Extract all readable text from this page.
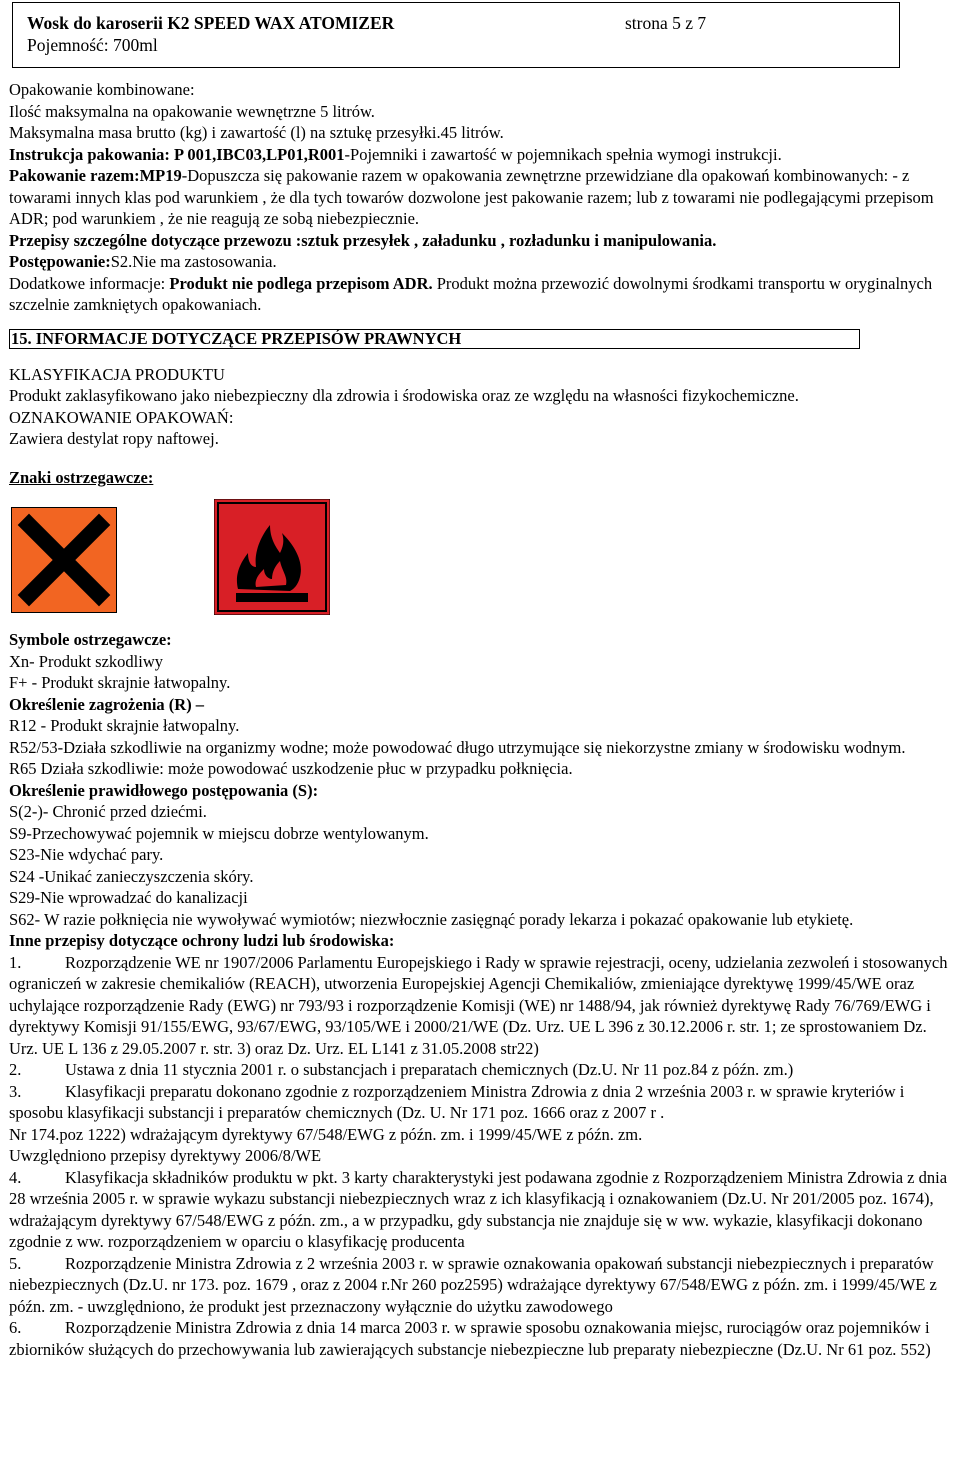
Wosk do karoserii K2 SPEED WAX ATOMIZER	strona 5 z 7
Pojemność: 700ml

Opakowanie kombinowane:

Ilość maksymalna na opakowanie wewnętrzne 5 litrów.

Maksymalna masa brutto (kg) i zawartość (l) na sztukę przesyłki.45 litrów.

Instrukcja pakowania: P 001,IBC03,LP01,R001-Pojemniki i zawartość w pojemnikach spełnia wymogi instrukcji.

Pakowanie razem:MP19-Dopuszcza się pakowanie razem w opakowania zewnętrzne przewidziane dla opakowań kombinowanych: - z towarami innych klas pod warunkiem , że dla tych towarów dozwolone jest pakowanie razem; lub z towarami nie podlegającymi przepisom ADR; pod warunkiem , że nie reagują ze sobą niebezpiecznie.

Przepisy szczególne dotyczące przewozu :sztuk przesyłek , załadunku , rozładunku i manipulowania.

Postępowanie:S2.Nie ma zastosowania.

Dodatkowe informacje: Produkt nie podlega przepisom ADR. Produkt można przewozić dowolnymi środkami transportu w oryginalnych szczelnie zamkniętych opakowaniach.

15. INFORMACJE DOTYCZĄCE PRZEPISÓW PRAWNYCH

KLASYFIKACJA PRODUKTU

Produkt zaklasyfikowano jako niebezpieczny dla zdrowia i środowiska oraz ze względu na własności fizykochemiczne.

OZNAKOWANIE OPAKOWAŃ:

Zawiera destylat ropy naftowej.

Znaki ostrzegawcze:

Symbole ostrzegawcze:

Xn- Produkt szkodliwy

F+ - Produkt skrajnie łatwopalny.

Określenie zagrożenia (R) –

R12 - Produkt skrajnie łatwopalny.

R52/53-Działa szkodliwie na organizmy wodne; może powodować długo utrzymujące się niekorzystne zmiany w środowisku wodnym.

R65 Działa szkodliwie: może powodować uszkodzenie płuc w przypadku połknięcia.

Określenie prawidłowego postępowania (S):

S(2-)- Chronić przed dziećmi.

S9-Przechowywać pojemnik w miejscu dobrze wentylowanym.

S23-Nie wdychać pary.

S24 -Unikać zanieczyszczenia skóry.

S29-Nie wprowadzać do kanalizacji

S62- W razie połknięcia nie wywoływać wymiotów; niezwłocznie zasięgnąć porady lekarza i pokazać opakowanie lub etykietę.

Inne przepisy dotyczące ochrony ludzi lub środowiska:

1.	Rozporządzenie WE nr 1907/2006 Parlamentu Europejskiego i Rady w sprawie rejestracji, oceny, udzielania zezwoleń i stosowanych ograniczeń w zakresie chemikaliów (REACH), utworzenia Europejskiej Agencji Chemikaliów, zmieniające dyrektywę 1999/45/WE oraz uchylające rozporządzenie Rady (EWG) nr 793/93 i rozporządzenie Komisji (WE) nr 1488/94, jak również dyrektywę Rady 76/769/EWG i dyrektywy Komisji 91/155/EWG, 93/67/EWG, 93/105/WE i 2000/21/WE (Dz. Urz. UE L 396 z 30.12.2006 r. str. 1; ze sprostowaniem Dz. Urz. UE L 136 z 29.05.2007 r. str. 3) oraz Dz. Urz. EL L141 z 31.05.2008 str22)

2.	Ustawa z dnia 11 stycznia 2001 r. o substancjach i preparatach chemicznych (Dz.U. Nr 11 poz.84 z późn. zm.)

3.	Klasyfikacji preparatu dokonano zgodnie z rozporządzeniem Ministra Zdrowia z dnia 2 września 2003 r. w sprawie kryteriów i sposobu klasyfikacji substancji i preparatów chemicznych (Dz. U. Nr 171 poz. 1666 oraz z 2007 r .

Nr 174.poz 1222) wdrażającym dyrektywy 67/548/EWG z późn. zm. i 1999/45/WE z późn. zm.

Uwzględniono przepisy dyrektywy 2006/8/WE

4.	Klasyfikacja składników produktu w pkt. 3 karty charakterystyki jest podawana zgodnie z Rozporządzeniem Ministra Zdrowia z dnia 28 września 2005 r. w sprawie wykazu substancji niebezpiecznych wraz z ich klasyfikacją i oznakowaniem (Dz.U. Nr 201/2005 poz. 1674), wdrażającym dyrektywy 67/548/EWG z późn. zm., a w przypadku, gdy substancja nie znajduje się w ww. wykazie, klasyfikacji dokonano zgodnie z ww. rozporządzeniem w oparciu o klasyfikację producenta

5.	Rozporządzenie Ministra Zdrowia z 2 września 2003 r. w sprawie oznakowania opakowań substancji niebezpiecznych i preparatów niebezpiecznych (Dz.U. nr 173. poz. 1679 , oraz z 2004 r.Nr 260 poz2595) wdrażające dyrektywy 67/548/EWG z późn. zm. i 1999/45/WE z późn. zm. - uwzględniono, że produkt jest przeznaczony wyłącznie do użytku zawodowego

6.	Rozporządzenie Ministra Zdrowia z dnia 14 marca 2003 r. w sprawie sposobu oznakowania miejsc, rurociągów oraz pojemników i zbiorników służących do przechowywania lub zawierających substancje niebezpieczne lub preparaty niebezpieczne (Dz.U. Nr 61 poz. 552)
